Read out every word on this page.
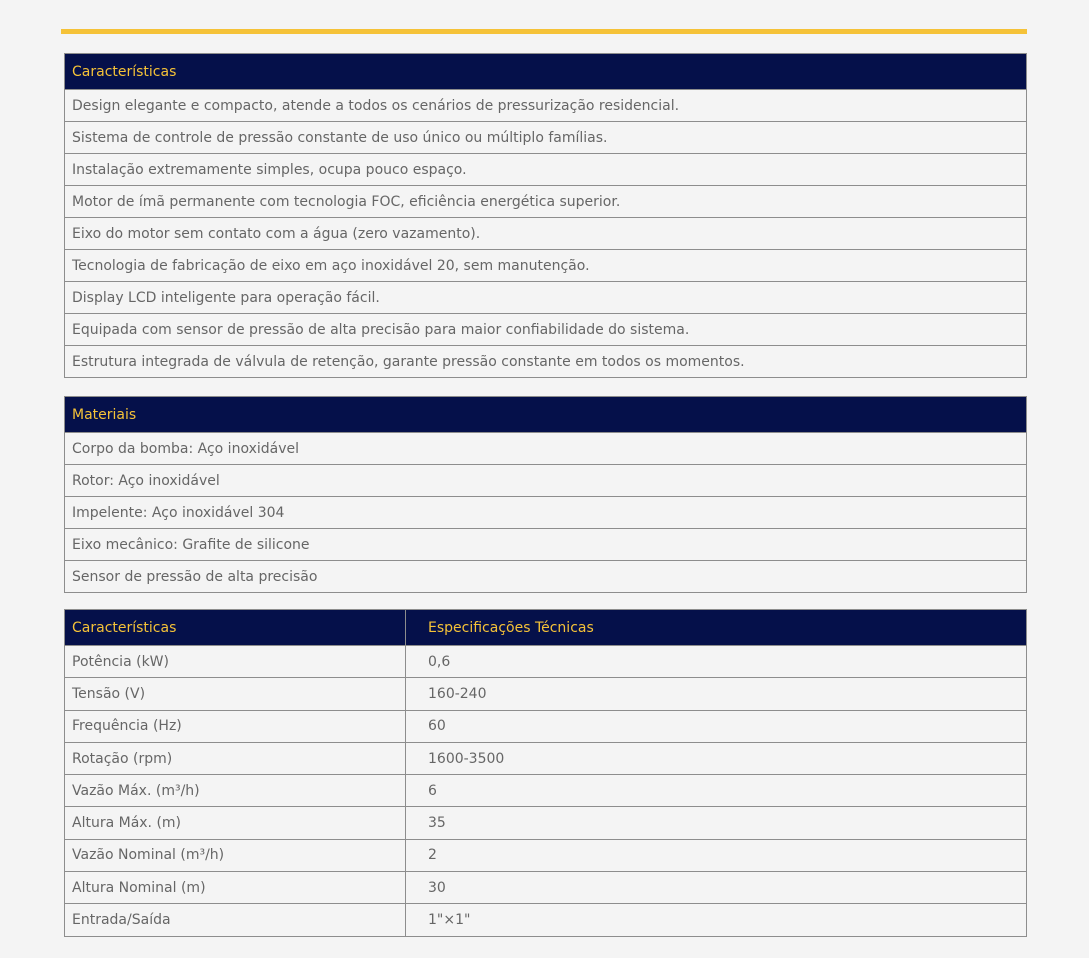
Características
Design elegante e compacto, atende a todos os cenários de pressurização residencial.
Sistema de controle de pressão constante de uso único ou múltiplo famílias.
Instalação extremamente simples, ocupa pouco espaço.
Motor de ímã permanente com tecnologia FOC, eficiência energética superior.
Eixo do motor sem contato com a água (zero vazamento).
Tecnologia de fabricação de eixo em aço inoxidável 20, sem manutenção.
Display LCD inteligente para operação fácil.
Equipada com sensor de pressão de alta precisão para maior confiabilidade do sistema.
Estrutura integrada de válvula de retenção, garante pressão constante em todos os momentos.
Materiais
Corpo da bomba: Aço inoxidável
Rotor: Aço inoxidável
Impelente: Aço inoxidável 304
Eixo mecânico: Grafite de silicone
Sensor de pressão de alta precisão
Características	Especificações Técnicas
Potência (kW)	0,6
Tensão (V)	160-240
Frequência (Hz)	60
Rotação (rpm)	1600-3500
Vazão Máx. (m³/h)	6
Altura Máx. (m)	35
Vazão Nominal (m³/h)	2
Altura Nominal (m)	30
Entrada/Saída	1"×1"
